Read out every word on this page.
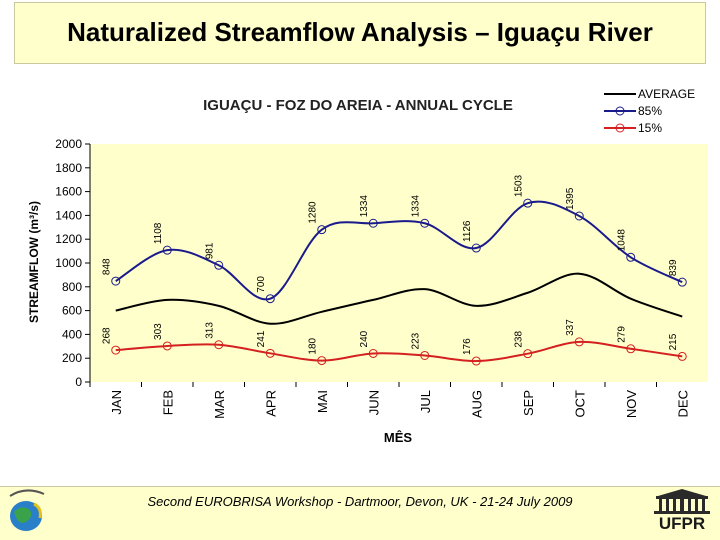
Naturalized Streamflow Analysis – Iguaçu River
IGUAÇU - FOZ DO AREIA - ANNUAL CYCLE
MÊS
STREAMFLOW (m³/s)
AVERAGE
85%
15%
0
200
400
600
800
1000
1200
1400
1600
1800
2000
JAN	FEB	MAR	APR	MAI	JUN	JUL	AUG	SEP	OCT	NOV	DEC
848
1108
981
700
1280	1334	1334
1126
1503
1395
1048
839
268	303	313
241	180	240	223	176	238
337	279	215
Second EUROBRISA Workshop - Dartmoor, Devon, UK - 21-24 July 2009
UFPR
